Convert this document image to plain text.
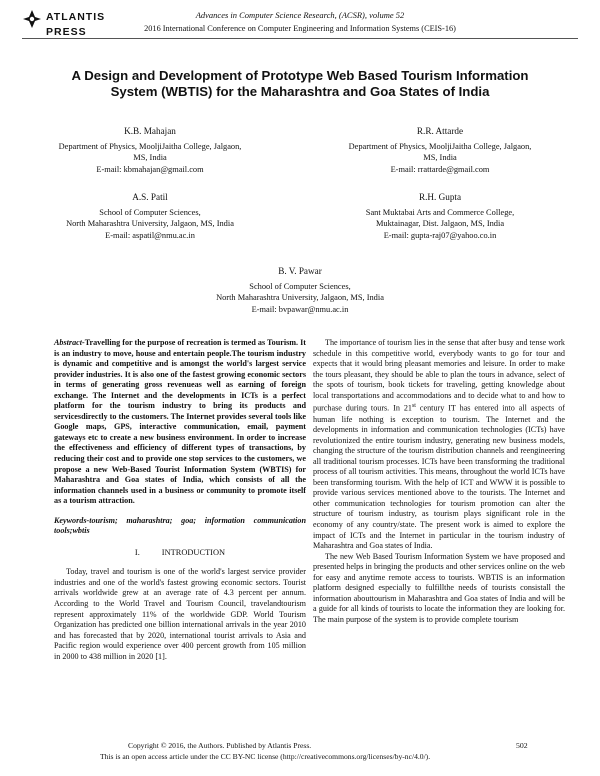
ATLANTIS
PRESS
Advances in Computer Science Research, (ACSR), volume 52
2016 International Conference on Computer Engineering and Information Systems (CEIS-16)
A Design and Development of Prototype Web Based Tourism Information
System (WBTIS) for the Maharashtra and Goa States of India
K.B. Mahajan
Department of Physics, MooljiJaitha College, Jalgaon,
MS, India
E-mail: kbmahajan@gmail.com
R.R. Attarde
Department of Physics, MooljiJaitha College, Jalgaon,
MS, India
E-mail: rrattarde@gmail.com
A.S. Patil
School of Computer Sciences,
North Maharashtra University, Jalgaon, MS, India
E-mail: aspatil@nmu.ac.in
R.H. Gupta
Sant Muktabai Arts and Commerce College,
Muktainagar, Dist. Jalgaon, MS, India
E-mail: gupta-raj07@yahoo.co.in
B. V. Pawar
School of Computer Sciences,
North Maharashtra University, Jalgaon, MS, India
E-mail: bvpawar@nmu.ac.in

Abstract-Travelling for the purpose of recreation is termed as Tourism. It is an industry to move, house and entertain people.The tourism industry is dynamic and competitive and is amongst the world's largest service provider industries. It is also one of the fastest growing economic sectors in terms of generating gross revenueas well as earning of foreign exchange. The Internet and the developments in ICTs is a perfect platform for the tourism industry to bring its products and servicesdirectly to the customers. The Internet provides several tools like Google maps, GPS, interactive communication, email, payment gateways etc to create a new business environment. In order to increase the effectiveness and efficiency of different types of transactions, by reducing their cost and to provide one stop services to the customers, we propose a new Web-Based Tourist Information System (WBTIS) for Maharashtra and Goa states of India, which consists of all the information channels used in a business or community to promote itself as a tourism attraction.

Keywords-tourism; maharashtra; goa; information communication tools;wbtis

I.	INTRODUCTION

Today, travel and tourism is one of the world's largest service provider industries and one of the world's fastest growing economic sectors. Tourist arrivals worldwide grew at an average rate of 4.3 percent per annum. According to the World Travel and Tourism Council, travelandtourism represent approximately 11% of the worldwide GDP. World Tourism Organization has predicted one billion international arrivals in the year 2010 and has forecasted that by 2020, international tourist arrivals to Asia and Pacific region would experience over 400 percent growth from 105 million in 2000 to 438 million in 2020 [1].

The importance of tourism lies in the sense that after busy and tense work schedule in this competitive world, everybody wants to go for tour and expects that it would bring pleasant memories and leisure. In order to make the tours pleasant, they should be able to plan the tours in advance, select of the spots of tourism, book tickets for traveling, getting knowledge about local transportations and accommodations and to decide what to and how to purchase during tours. In 21st century IT has entered into all aspects of human life nothing is exception to tourism. The Internet and the developments in information and communication technologies (ICTs) have revolutionized the entire tourism industry, generating new business models, changing the structure of the tourism distribution channels and reengineering all traditional tourism processes. ICTs have been transforming the traditional process of all tourism activities. This means, throughout the world ICTs have been transforming tourism. With the help of ICT and WWW it is possible to provide various services mentioned above to the tourists. The Internet and other communication technologies for tourism promotion can alter the structure of tourism industry, as tourism plays significant role in the economy of any country/state. The present work is aimed to explore the impact of ICTs and the Internet in particular in the tourism industry of Maharashtra and Goa states of India.

The new Web Based Tourism Information System we have proposed and presented helps in bringing the products and other services online on the web for easy and anytime remote access to tourists. WBTIS is an information platform designed especially to fulfillthe needs of tourists consistall the information abouttourism in Maharashtra and Goa states of India and will be a guide for all kinds of tourists to locate the information they are looking for. The main purpose of the system is to provide complete tourism

Copyright © 2016, the Authors. Published by Atlantis Press.
This is an open access article under the CC BY-NC license (http://creativecommons.org/licenses/by-nc/4.0/).
502
